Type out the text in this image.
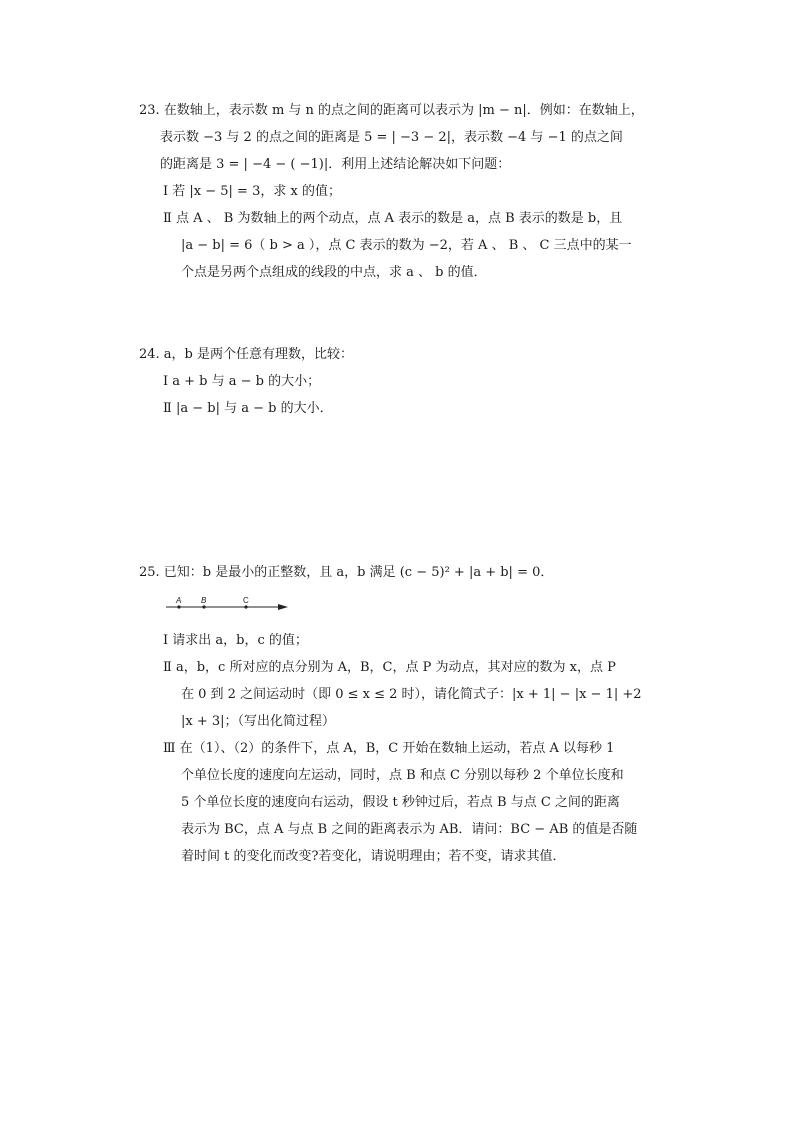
23. 在数轴上，表示数 m 与 n 的点之间的距离可以表示为 |m − n|．例如：在数轴上，
表示数 −3 与 2 的点之间的距离是 5 = | −3 − 2|，表示数 −4 与 −1 的点之间
的距离是 3 = | −4 − ( −1)|．利用上述结论解决如下问题：
Ⅰ 若 |x − 5| = 3，求 x 的值；
Ⅱ 点 A 、 B 为数轴上的两个动点，点 A 表示的数是 a，点 B 表示的数是 b，且
|a − b| = 6（ b > a ），点 C 表示的数为 −2，若 A 、 B 、 C 三点中的某一
个点是另两个点组成的线段的中点，求 a 、 b 的值．
24. a，b 是两个任意有理数，比较：
Ⅰ a + b 与 a − b 的大小；
Ⅱ |a − b| 与 a − b 的大小．
25. 已知：b 是最小的正整数，且 a，b 满足 (c − 5)² + |a + b| = 0．
A B	C
Ⅰ 请求出 a，b，c 的值；
Ⅱ a，b，c 所对应的点分别为 A，B，C，点 P 为动点，其对应的数为 x，点 P
在 0 到 2 之间运动时（即 0 ≤ x ≤ 2 时），请化简式子：|x + 1| − |x − 1| +2
|x + 3|；（写出化简过程）
Ⅲ 在（1）、（2）的条件下，点 A，B，C 开始在数轴上运动，若点 A 以每秒 1
个单位长度的速度向左运动，同时，点 B 和点 C 分别以每秒 2 个单位长度和
5 个单位长度的速度向右运动，假设 t 秒钟过后，若点 B 与点 C 之间的距离
表示为 BC，点 A 与点 B 之间的距离表示为 AB．请问：BC − AB 的值是否随
着时间 t 的变化而改变?若变化，请说明理由；若不变，请求其值．
